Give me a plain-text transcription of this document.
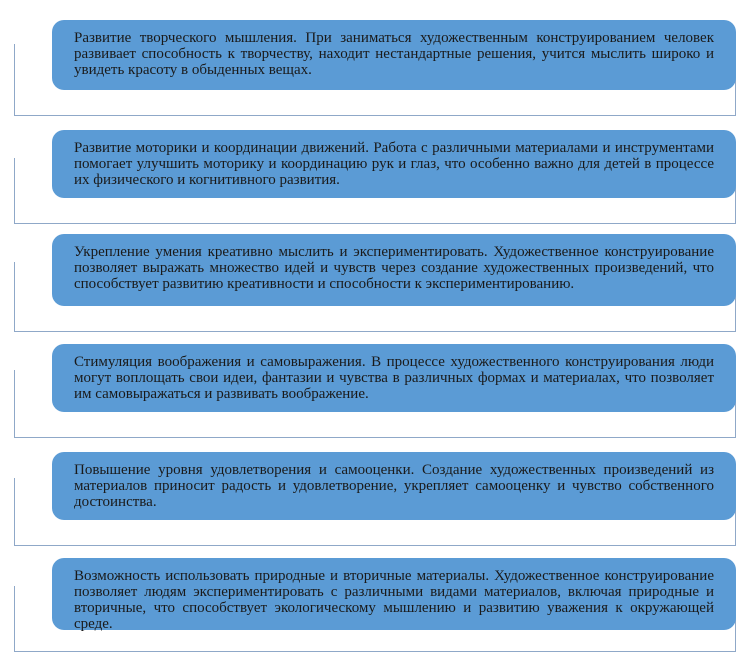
Развитие творческого мышления. При заниматься художественным конструированием человек развивает способность к творчеству, находит нестандартные решения, учится мыслить широко и увидеть красоту в обыденных вещах.
Развитие моторики и координации движений. Работа с различными материалами и инструментами помогает улучшить моторику и координацию рук и глаз, что особенно важно для детей в процессе их физического и когнитивного развития.
Укрепление умения креативно мыслить и экспериментировать. Художественное конструирование позволяет выражать множество идей и чувств через создание художественных произведений, что способствует развитию креативности и способности к экспериментированию.
Стимуляция воображения и самовыражения. В процессе художественного конструирования люди могут воплощать свои идеи, фантазии и чувства в различных формах и материалах, что позволяет им самовыражаться и развивать воображение.
Повышение уровня удовлетворения и самооценки. Создание художественных произведений из материалов приносит радость и удовлетворение, укрепляет самооценку и чувство собственного достоинства.
Возможность использовать природные и вторичные материалы. Художественное конструирование позволяет людям экспериментировать с различными видами материалов, включая природные и вторичные, что способствует экологическому мышлению и развитию уважения к окружающей среде.
